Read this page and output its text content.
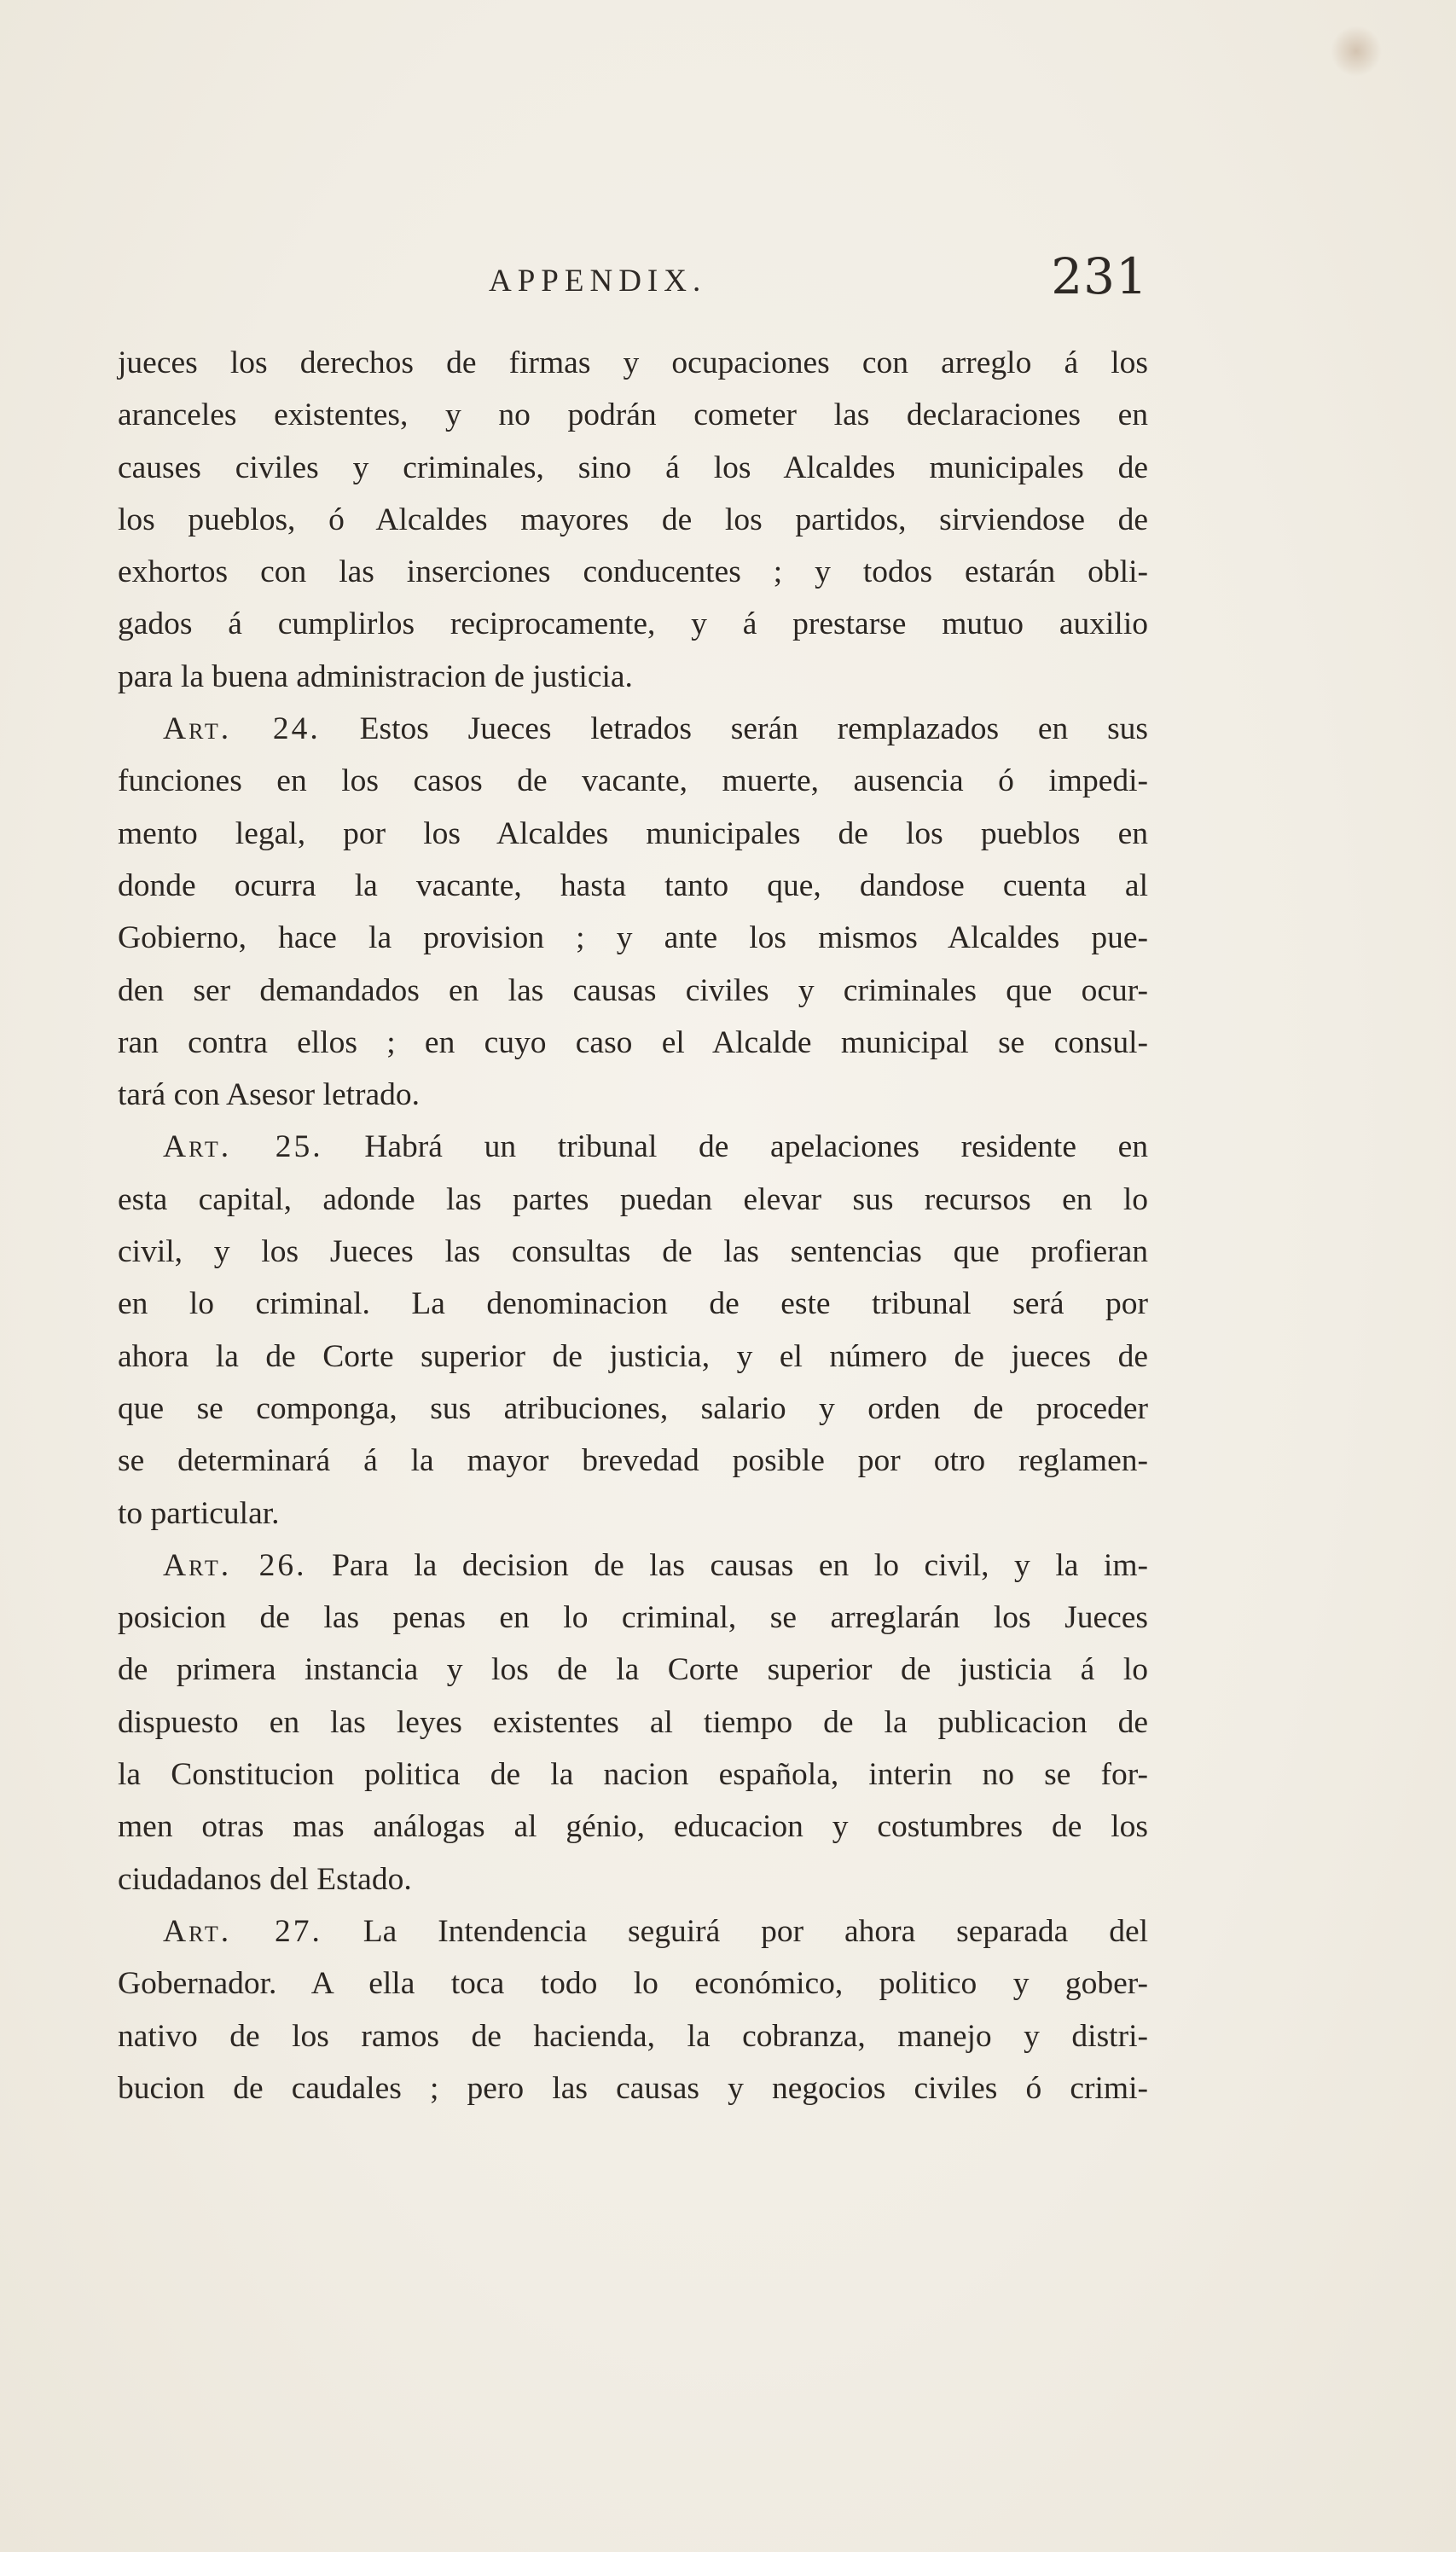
APPENDIX.	231
jueces los derechos de firmas y ocupaciones con arreglo á los
aranceles existentes, y no podrán cometer las declaraciones en
causes civiles y criminales, sino á los Alcaldes municipales de
los pueblos, ó Alcaldes mayores de los partidos, sirviendose de
exhortos con las inserciones conducentes ; y todos estarán obli-
gados á cumplirlos reciprocamente, y á prestarse mutuo auxilio
para la buena administracion de justicia.
Art. 24. Estos Jueces letrados serán remplazados en sus
funciones en los casos de vacante, muerte, ausencia ó impedi-
mento legal, por los Alcaldes municipales de los pueblos en
donde ocurra la vacante, hasta tanto que, dandose cuenta al
Gobierno, hace la provision ; y ante los mismos Alcaldes pue-
den ser demandados en las causas civiles y criminales que ocur-
ran contra ellos ; en cuyo caso el Alcalde municipal se consul-
tará con Asesor letrado.
Art. 25. Habrá un tribunal de apelaciones residente en
esta capital, adonde las partes puedan elevar sus recursos en lo
civil, y los Jueces las consultas de las sentencias que profieran
en lo criminal. La denominacion de este tribunal será por
ahora la de Corte superior de justicia, y el número de jueces de
que se componga, sus atribuciones, salario y orden de proceder
se determinará á la mayor brevedad posible por otro reglamen-
to particular.
Art. 26. Para la decision de las causas en lo civil, y la im-
posicion de las penas en lo criminal, se arreglarán los Jueces
de primera instancia y los de la Corte superior de justicia á lo
dispuesto en las leyes existentes al tiempo de la publicacion de
la Constitucion politica de la nacion española, interin no se for-
men otras mas análogas al génio, educacion y costumbres de los
ciudadanos del Estado.
Art. 27. La Intendencia seguirá por ahora separada del
Gobernador. A ella toca todo lo económico, politico y gober-
nativo de los ramos de hacienda, la cobranza, manejo y distri-
bucion de caudales ; pero las causas y negocios civiles ó crimi-
